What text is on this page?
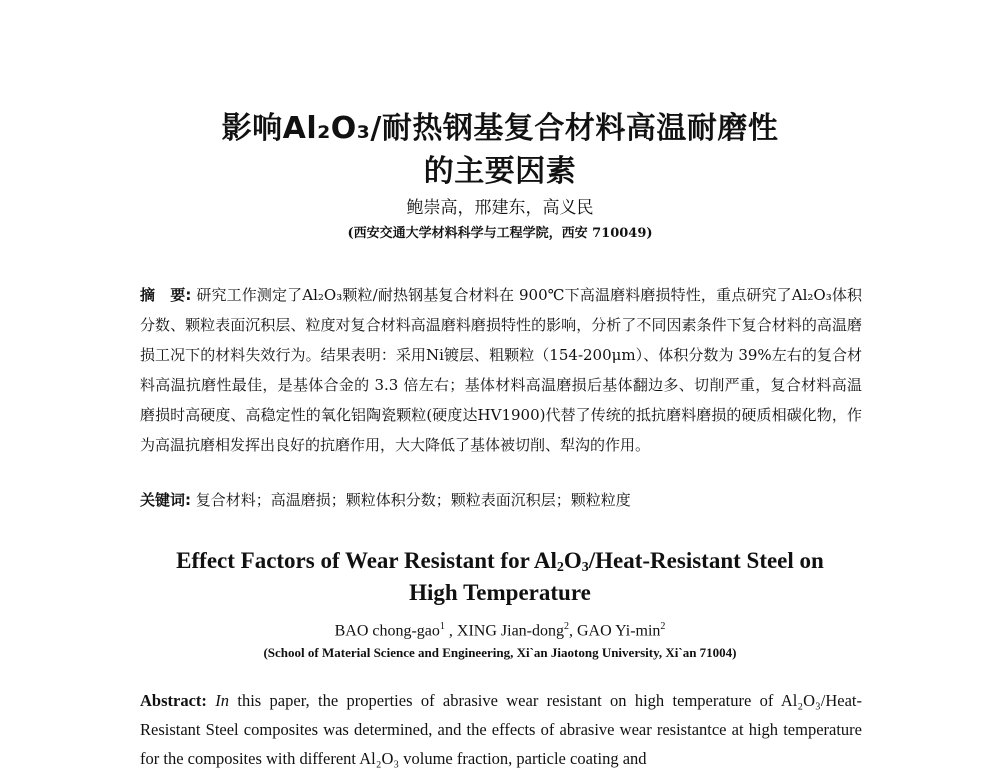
影响Al₂O₃/耐热钢基复合材料高温耐磨性
的主要因素
鲍崇高，邢建东，高义民
(西安交通大学材料科学与工程学院，西安 710049)
摘　要: 研究工作测定了Al₂O₃颗粒/耐热钢基复合材料在 900℃下高温磨料磨损特性，重点研究了Al₂O₃体积分数、颗粒表面沉积层、粒度对复合材料高温磨料磨损特性的影响，分析了不同因素条件下复合材料的高温磨损工况下的材料失效行为。结果表明：采用Ni镀层、粗颗粒（154-200μm）、体积分数为 39%左右的复合材料高温抗磨性最佳，是基体合金的 3.3 倍左右；基体材料高温磨损后基体翻边多、切削严重，复合材料高温磨损时高硬度、高稳定性的氧化铝陶瓷颗粒(硬度达HV1900)代替了传统的抵抗磨料磨损的硬质相碳化物，作为高温抗磨相发挥出良好的抗磨作用，大大降低了基体被切削、犁沟的作用。
关键词: 复合材料；高温磨损；颗粒体积分数；颗粒表面沉积层；颗粒粒度
Effect Factors of Wear Resistant for $Al_2O_3/Heat$-Resistant Steel on
High Temperature
BAO chong-gao$^1$ , XING Jian-dong$^2$, GAO $Yi-\min^2$
(School of Material Science and Engineering, Xi`an Jiaotong University, Xi`an 71004)
Abstract: In this paper, the properties of abrasive wear resistant on high temperature of Al₂O₃/Heat-Resistant Steel composites was determined, and the effects of abrasive wear resistantce at high temperature for the composites with different Al₂O₃ volume fraction, particle coating and
